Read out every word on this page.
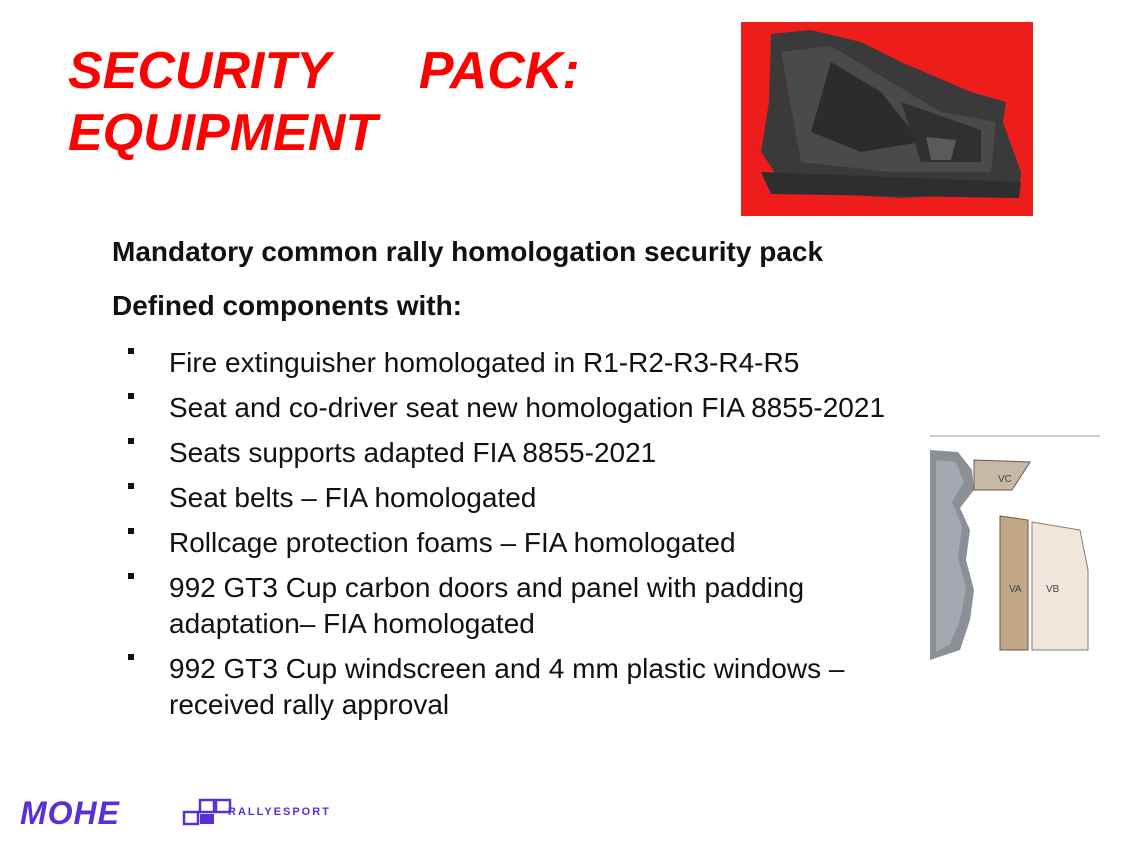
SECURITY PACK:
EQUIPMENT

Mandatory common rally homologation security pack

Defined components with:

Fire extinguisher homologated in R1-R2-R3-R4-R5
Seat and co-driver seat new homologation FIA 8855-2021
Seats supports adapted FIA 8855-2021
Seat belts – FIA homologated
Rollcage protection foams – FIA homologated
992 GT3 Cup carbon doors and panel with padding adaptation– FIA homologated
992 GT3 Cup windscreen and 4 mm plastic windows – received rally approval
VC
VA VB
MOHE	RALLYESPORT
